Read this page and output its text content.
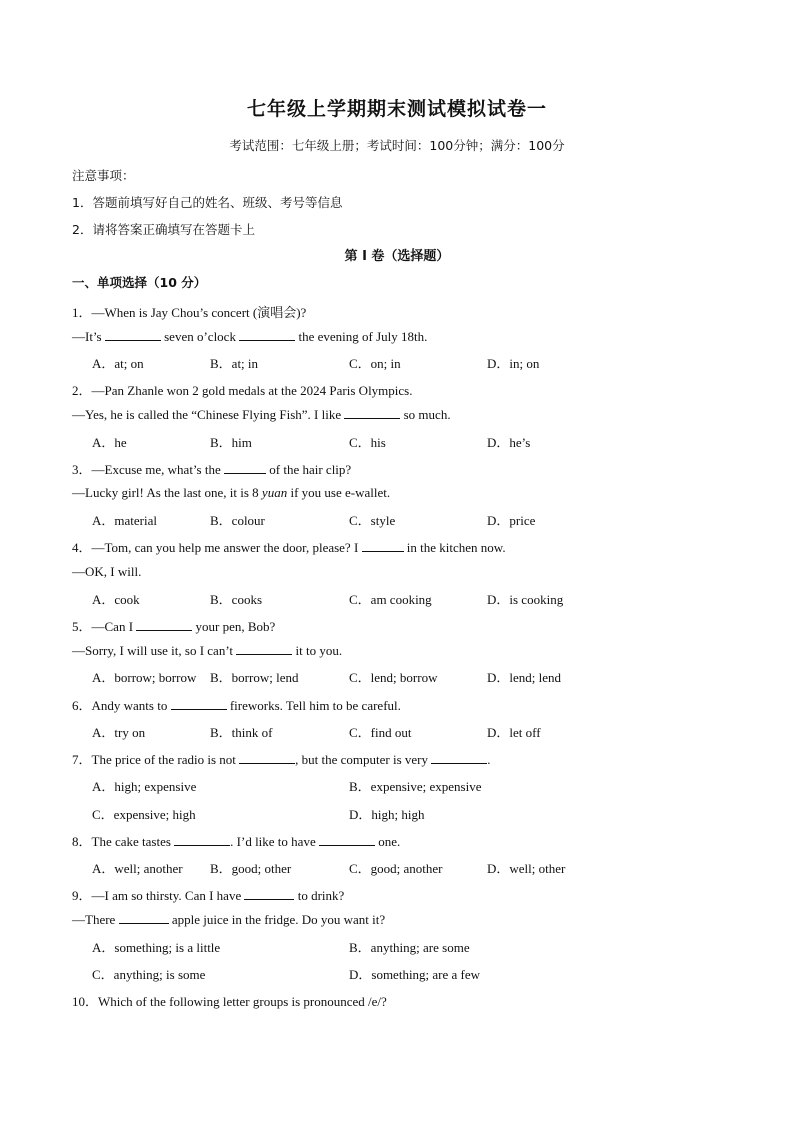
七年级上学期期末测试模拟试卷一
考试范围：七年级上册；考试时间：100分钟；满分：100分
注意事项：
1．答题前填写好自己的姓名、班级、考号等信息
2．请将答案正确填写在答题卡上
第 I 卷（选择题）
一、单项选择（10 分）
1．—When is Jay Chou’s concert (演唱会)?
—It’s	seven o’clock	the evening of July 18th.
A．at; on	B．at; in	C．on; in	D．in; on
2．—Pan Zhanle won 2 gold medals at the 2024 Paris Olympics.
—Yes, he is called the “Chinese Flying Fish”. I like	so much.
A．he	B．him	C．his	D．he’s
3．—Excuse me, what’s the	of the hair clip?
—Lucky girl! As the last one, it is 8 yuan if you use e-wallet.
A．material	B．colour	C．style	D．price
4．—Tom, can you help me answer the door, please? I	in the kitchen now.
—OK, I will.
A．cook	B．cooks	C．am cooking	D．is cooking
5．—Can I	your pen, Bob?
—Sorry, I will use it, so I can’t	it to you.
A．borrow; borrow B．borrow; lend	C．lend; borrow	D．lend; lend
6．Andy wants to	fireworks. Tell him to be careful.
A．try on	B．think of	C．find out	D．let off
7．The price of the radio is not	, but the computer is very	.
A．high; expensive	B．expensive; expensive
C．expensive; high	D．high; high
8．The cake tastes	. I’d like to have	one.
A．well; another B．good; other	C．good; another	D．well; other
9．—I am so thirsty. Can I have	to drink?
—There	apple juice in the fridge. Do you want it?
A．something; is a little	B．anything; are some
C．anything; is some	D．something; are a few
10．Which of the following letter groups is pronounced /e/?
